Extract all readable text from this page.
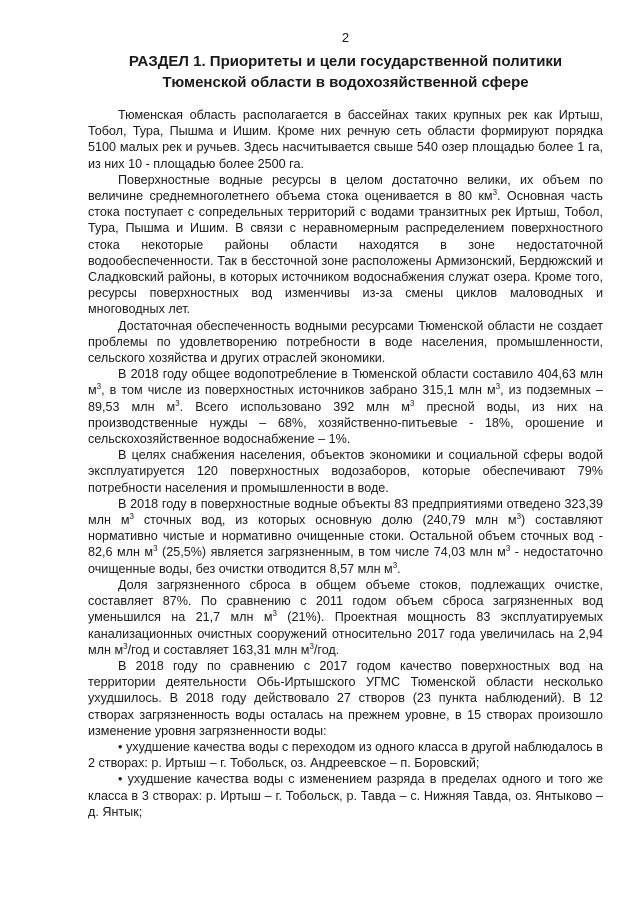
2
РАЗДЕЛ 1. Приоритеты и цели государственной политики
Тюменской области в водохозяйственной сфере

Тюменская область располагается в бассейнах таких крупных рек как Иртыш, Тобол, Тура, Пышма и Ишим. Кроме них речную сеть области формируют порядка 5100 малых рек и ручьев. Здесь насчитывается свыше 540 озер площадью более 1 га, из них 10 - площадью более 2500 га.

Поверхностные водные ресурсы в целом достаточно велики, их объем по величине среднемноголетнего объема стока оценивается в 80 $км^3$. Основная часть стока поступает с сопредельных территорий с водами транзитных рек Иртыш, Тобол, Тура, Пышма и Ишим. В связи с неравномерным распределением поверхностного стока некоторые районы области находятся в зоне недостаточной водообеспеченности. Так в бессточной зоне расположены Армизонский, Бердюжский и Сладковский районы, в которых источником водоснабжения служат озера. Кроме того, ресурсы поверхностных вод изменчивы из-за смены циклов маловодных и многоводных лет.

Достаточная обеспеченность водными ресурсами Тюменской области не создает проблемы по удовлетворению потребности в воде населения, промышленности, сельского хозяйства и других отраслей экономики.

В 2018 году общее водопотребление в Тюменской области составило 404,63 млн $м^3$, в том числе из поверхностных источников забрано 315,1 млн $м^3$, из подземных – 89,53 млн $м^3$. Всего использовано 392 млн $м^3$ пресной воды, из них на производственные нужды – 68%, хозяйственно-питьевые - 18%, орошение и сельскохозяйственное водоснабжение – 1%.

В целях снабжения населения, объектов экономики и социальной сферы водой эксплуатируется 120 поверхностных водозаборов, которые обеспечивают 79% потребности населения и промышленности в воде.

В 2018 году в поверхностные водные объекты 83 предприятиями отведено 323,39 млн $м^3$ сточных вод, из которых основную долю (240,79 млн $м^3$) составляют нормативно чистые и нормативно очищенные стоки. Остальной объем сточных вод - 82,6 млн $м^3$ (25,5%) является загрязненным, в том числе 74,03 млн $м^3$ - недостаточно очищенные воды, без очистки отводится 8,57 млн $м^3$.

Доля загрязненного сброса в общем объеме стоков, подлежащих очистке, составляет 87%. По сравнению с 2011 годом объем сброса загрязненных вод уменьшился на 21,7 млн $м^3$ (21%). Проектная мощность 83 эксплуатируемых канализационных очистных сооружений относительно 2017 года увеличилась на 2,94 млн $м^3$/год и составляет 163,31 млн $м^3$/год.

В 2018 году по сравнению с 2017 годом качество поверхностных вод на территории деятельности Обь-Иртышского УГМС Тюменской области несколько ухудшилось. В 2018 году действовало 27 створов (23 пункта наблюдений). В 12 створах загрязненность воды осталась на прежнем уровне, в 15 створах произошло изменение уровня загрязненности воды:

• ухудшение качества воды с переходом из одного класса в другой наблюдалось в 2 створах: р. Иртыш – г. Тобольск, оз. Андреевское – п. Боровский;

• ухудшение качества воды с изменением разряда в пределах одного и того же класса в 3 створах: р. Иртыш – г. Тобольск, р. Тавда – с. Нижняя Тавда, оз. Янтыково – д. Янтык;
